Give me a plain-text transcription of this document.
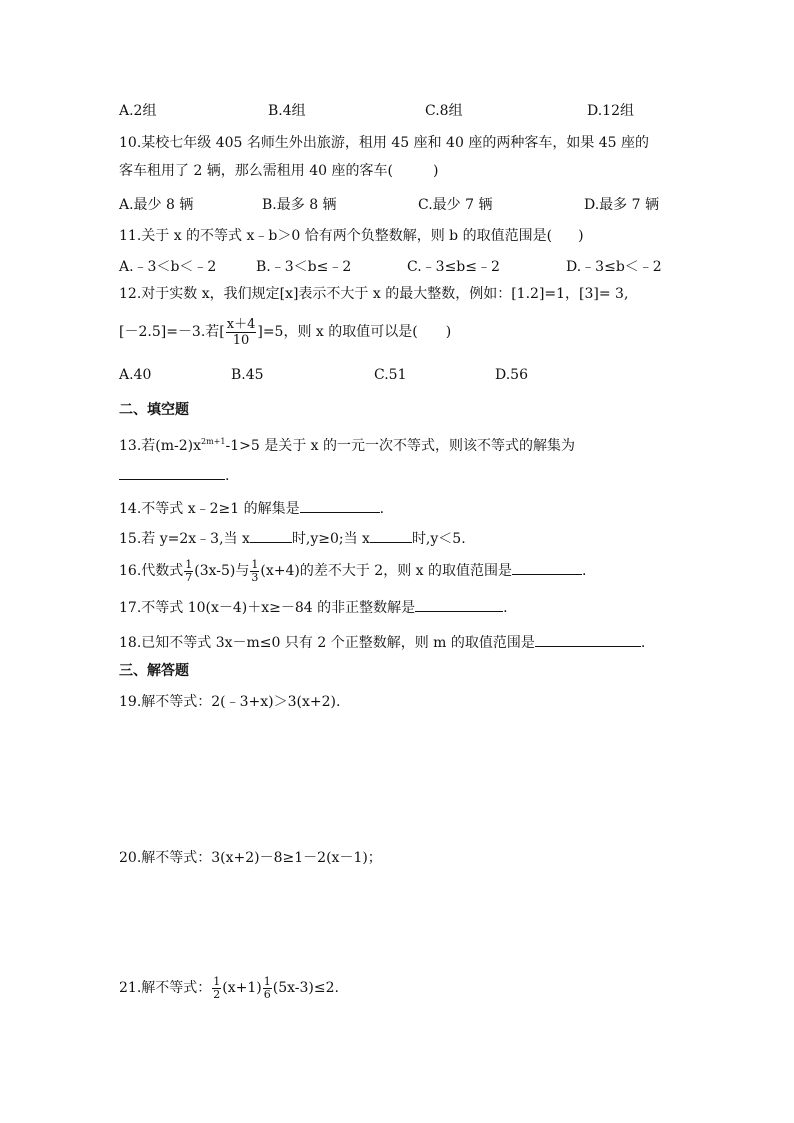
A.2组	B.4组	C.8组	D.12组
10.某校七年级 405 名师生外出旅游，租用 45 座和 40 座的两种客车，如果 45 座的
客车租用了 2 辆，那么需租用 40 座的客车(	)
A.最少 8 辆	B.最多 8 辆	C.最少 7 辆	D.最多 7 辆
11.关于 x 的不等式 x﹣b＞0 恰有两个负整数解，则 b 的取值范围是( )
A.﹣3＜b＜﹣2	B.﹣3＜b≤﹣2	C.﹣3≤b≤﹣2	D.﹣3≤b＜﹣2
12.对于实数 x，我们规定[x]表示不大于 x 的最大整数，例如：[1.2]=1，[3]= 3,
[－2.5]=－3.若[ $\frac{x+4}{10} ]=5$，则 x 的取值可以是( )
A.40	B.45	C.51	D.56
二、填空题
13.若$(m-2)x^{2m+1}-1>5$ 是关于 x 的一元一次不等式，则该不等式的解集为
.
14.不等式 x﹣2≥1 的解集是	.
15.若 y=2x﹣3,当 x	时,y≥0;当 x	时,y＜5.
16.代数式 $\frac{1}{7} (3x-5)$与 $\frac{1}{3} (x+4)$的差不大于 2，则 x 的取值范围是	.
17.不等式 10(x－4)＋x≥－84 的非正整数解是	.
18.已知不等式 3x－m≤0 只有 2 个正整数解，则 m 的取值范围是	.
三、解答题
19.解不等式：2(﹣3+x)＞3(x+2).
20.解不等式：3(x+2)－8≥1－2(x－1)；
21.解不等式： $\frac{1}{2} (x+1) \frac{1}{6} (5x-3)\le 2$.
